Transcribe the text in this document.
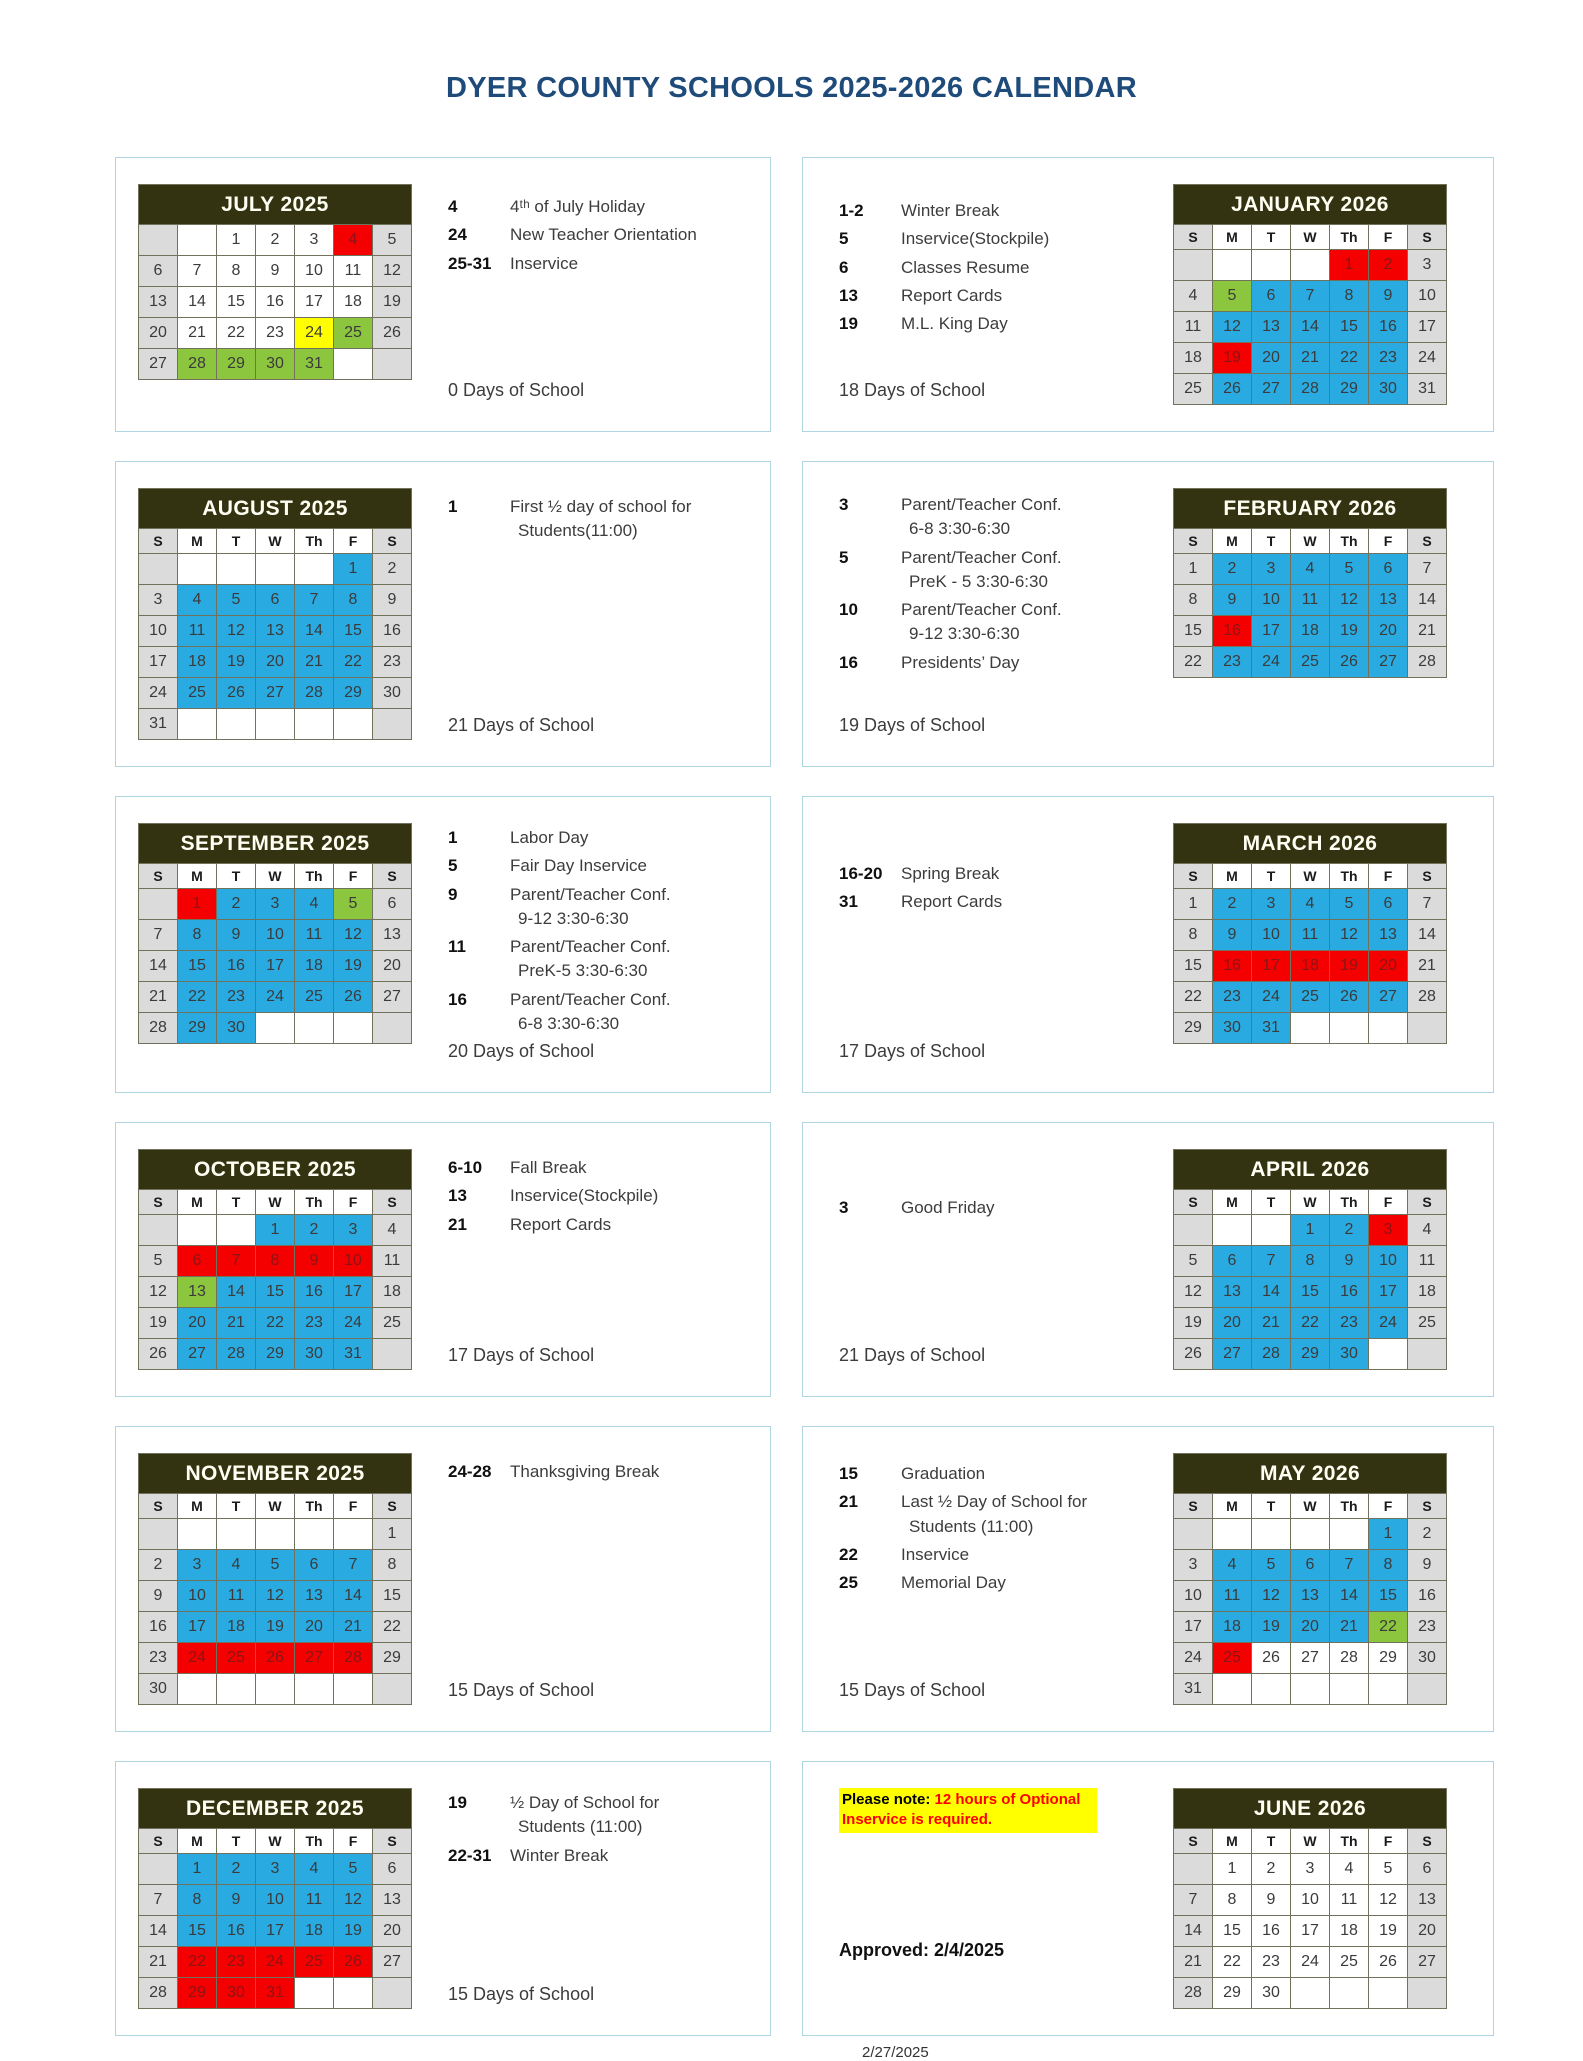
DYER COUNTY SCHOOLS 2025-2026 CALENDAR
JULY 2025						
		1	2	3	4	5
6	7	8	9	10	11	12
13	14	15	16	17	18	19
20	21	22	23	24	25	26
27	28	29	30	31		
4	4ᵗʰ of July Holiday
24	New Teacher Orientation
25-31	Inservice
0 Days of School
1-2	Winter Break
5	Inservice(Stockpile)
6	Classes Resume
13	Report Cards
19	M.L. King Day
18 Days of School
JANUARY 2026						
S	M	T	W	Th	F	S
				1	2	3
4	5	6	7	8	9	10
11	12	13	14	15	16	17
18	19	20	21	22	23	24
25	26	27	28	29	30	31
AUGUST 2025						
S	M	T	W	Th	F	S
					1	2
3	4	5	6	7	8	9
10	11	12	13	14	15	16
17	18	19	20	21	22	23
24	25	26	27	28	29	30
31						
1	First ½ day of school for
Students(11:00)
21 Days of School
3	Parent/Teacher Conf.
6-8 3:30-6:30
5	Parent/Teacher Conf.
PreK - 5 3:30-6:30
10	Parent/Teacher Conf.
9-12 3:30-6:30
16	Presidents’ Day
19 Days of School
FEBRUARY 2026						
S	M	T	W	Th	F	S
1	2	3	4	5	6	7
8	9	10	11	12	13	14
15	16	17	18	19	20	21
22	23	24	25	26	27	28
SEPTEMBER 2025						
S	M	T	W	Th	F	S
	1	2	3	4	5	6
7	8	9	10	11	12	13
14	15	16	17	18	19	20
21	22	23	24	25	26	27
28	29	30				
1	Labor Day
5	Fair Day Inservice
9	Parent/Teacher Conf.
9-12 3:30-6:30
11	Parent/Teacher Conf.
PreK-5 3:30-6:30
16	Parent/Teacher Conf.
6-8 3:30-6:30
20 Days of School
16-20	Spring Break
31	Report Cards
17 Days of School
MARCH 2026						
S	M	T	W	Th	F	S
1	2	3	4	5	6	7
8	9	10	11	12	13	14
15	16	17	18	19	20	21
22	23	24	25	26	27	28
29	30	31				
OCTOBER 2025						
S	M	T	W	Th	F	S
			1	2	3	4
5	6	7	8	9	10	11
12	13	14	15	16	17	18
19	20	21	22	23	24	25
26	27	28	29	30	31	
6-10	Fall Break
13	Inservice(Stockpile)
21	Report Cards
17 Days of School
3	Good Friday
21 Days of School
APRIL 2026						
S	M	T	W	Th	F	S
			1	2	3	4
5	6	7	8	9	10	11
12	13	14	15	16	17	18
19	20	21	22	23	24	25
26	27	28	29	30		
NOVEMBER 2025						
S	M	T	W	Th	F	S
						1
2	3	4	5	6	7	8
9	10	11	12	13	14	15
16	17	18	19	20	21	22
23	24	25	26	27	28	29
30						
24-28	Thanksgiving Break
15 Days of School
15	Graduation
21	Last ½ Day of School for
Students (11:00)
22	Inservice
25	Memorial Day
15 Days of School
MAY 2026						
S	M	T	W	Th	F	S
					1	2
3	4	5	6	7	8	9
10	11	12	13	14	15	16
17	18	19	20	21	22	23
24	25	26	27	28	29	30
31						
DECEMBER 2025						
S	M	T	W	Th	F	S
	1	2	3	4	5	6
7	8	9	10	11	12	13
14	15	16	17	18	19	20
21	22	23	24	25	26	27
28	29	30	31			
19	½ Day of School for
Students (11:00)
22-31	Winter Break
15 Days of School
Please note: 12 hours of Optional Inservice is required.
Approved: 2/4/2025
JUNE 2026						
S	M	T	W	Th	F	S
	1	2	3	4	5	6
7	8	9	10	11	12	13
14	15	16	17	18	19	20
21	22	23	24	25	26	27
28	29	30				
2/27/2025
